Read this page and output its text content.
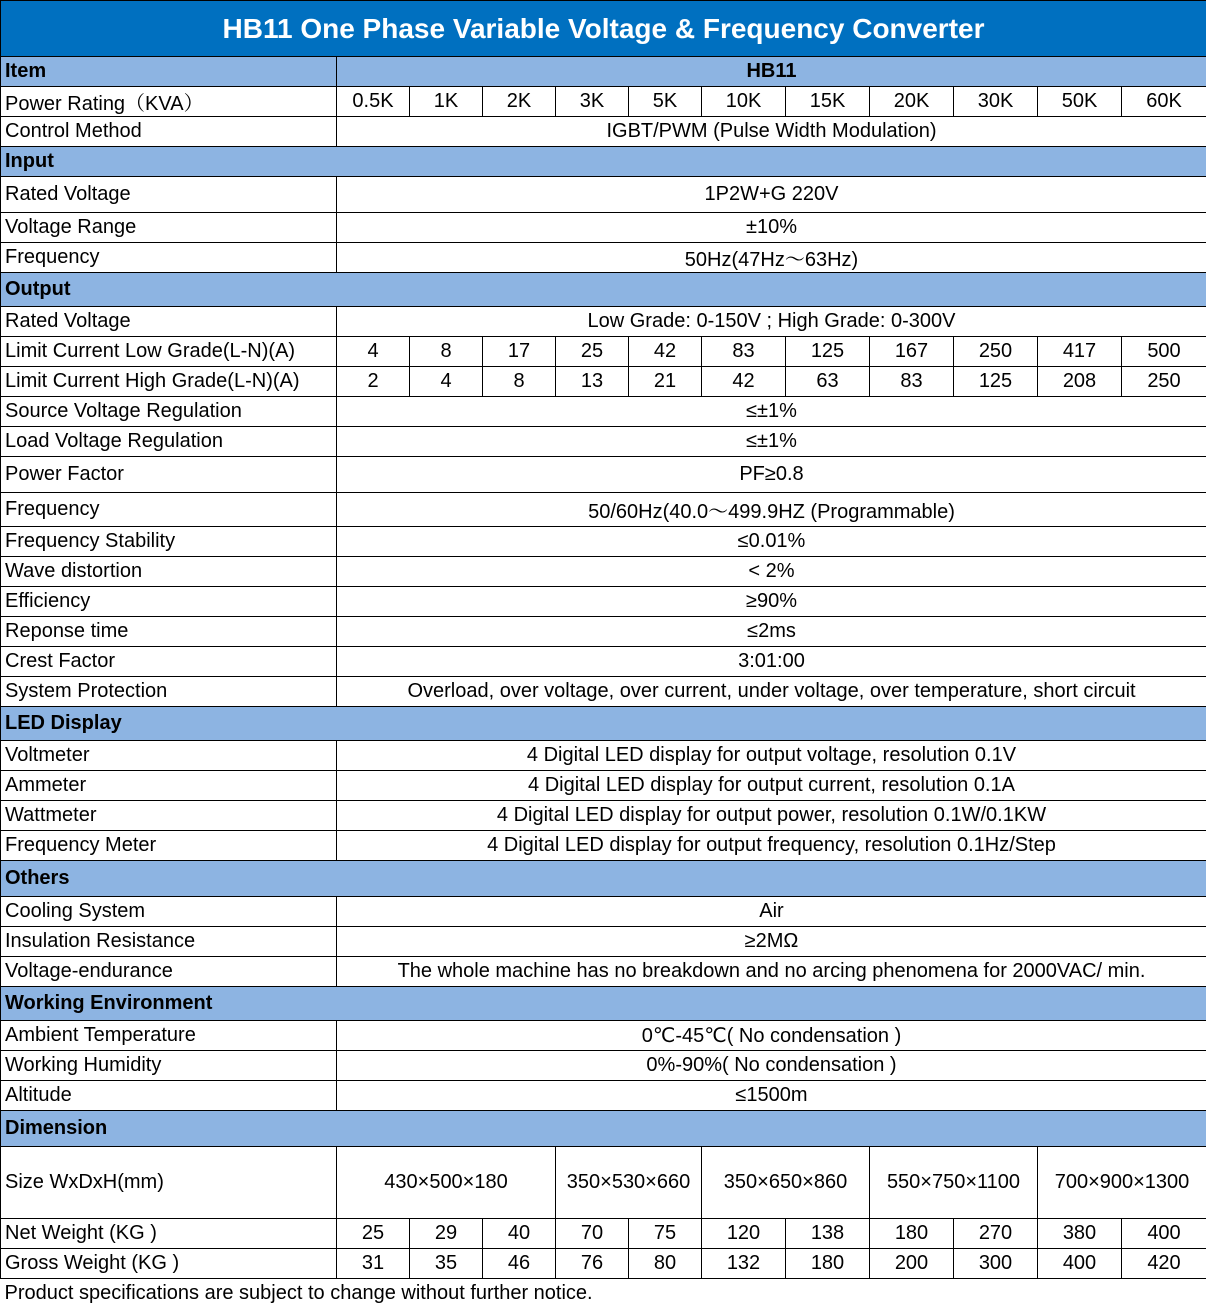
HB11 One Phase Variable Voltage & Frequency Converter											
Item	HB11										
Power Rating（KVA）	0.5K	1K	2K	3K	5K	10K	15K	20K	30K	50K	60K
Control Method	IGBT/PWM (Pulse Width Modulation)										
Input											
Rated Voltage	1P2W+G 220V										
Voltage Range	±10%										
Frequency	50Hz(47Hz～63Hz)										
Output											
Rated Voltage	Low Grade: 0-150V ; High Grade: 0-300V										
Limit Current Low Grade(L-N)(A)	4	8	17	25	42	83	125	167	250	417	500
Limit Current High Grade(L-N)(A)	2	4	8	13	21	42	63	83	125	208	250
Source Voltage Regulation	≤±1%										
Load Voltage Regulation	≤±1%										
Power Factor	PF≥0.8										
Frequency	50/60Hz(40.0～499.9HZ (Programmable)										
Frequency Stability	≤0.01%										
Wave distortion	< 2%										
Efficiency	≥90%										
Reponse time	≤2ms										
Crest Factor	3:01:00										
System Protection	Overload, over voltage, over current, under voltage, over temperature, short circuit										
LED Display											
Voltmeter	4 Digital LED display for output voltage, resolution 0.1V										
Ammeter	4 Digital LED display for output current, resolution 0.1A										
Wattmeter	4 Digital LED display for output power, resolution 0.1W/0.1KW										
Frequency Meter	4 Digital LED display for output frequency, resolution 0.1Hz/Step										
Others											
Cooling System	Air										
Insulation Resistance	≥2MΩ										
Voltage-endurance	The whole machine has no breakdown and no arcing phenomena for 2000VAC/ min.										
Working Environment											
Ambient Temperature	0℃-45℃( No condensation )										
Working Humidity	0%-90%( No condensation )										
Altitude	≤1500m										
Dimension											
Size WxDxH(mm)	430×500×180			350×530×660		350×650×860		550×750×1100		700×900×1300	
Net Weight (KG )	25	29	40	70	75	120	138	180	270	380	400
Gross Weight (KG )	31	35	46	76	80	132	180	200	300	400	420
Product specifications are subject to change without further notice.											
